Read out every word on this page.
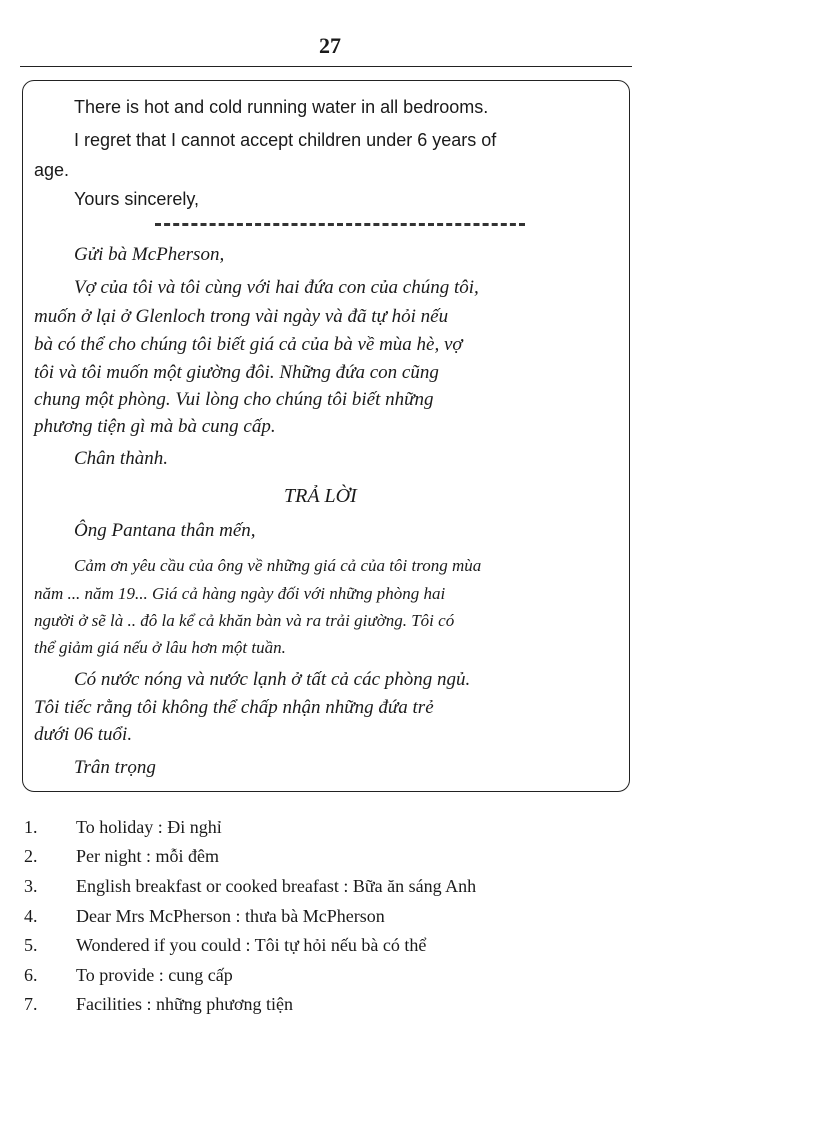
27

There is hot and cold running water in all bedrooms.

I regret that I cannot accept children under 6 years of

age.

Yours sincerely,

Gửi bà McPherson,

Vợ của tôi và tôi cùng với hai đứa con của chúng tôi,

muốn ở lại ở Glenloch trong vài ngày và đã tự hỏi nếu

bà có thể cho chúng tôi biết giá cả của bà về mùa hè, vợ

tôi và tôi muốn một giường đôi. Những đứa con cũng

chung một phòng. Vui lòng cho chúng tôi biết những

phương tiện gì mà bà cung cấp.

Chân thành.

TRẢ LỜI

Ông Pantana thân mến,

Cảm ơn yêu cầu của ông về những giá cả của tôi trong mùa

năm ... năm 19... Giá cả hàng ngày đối với những phòng hai

người ở sẽ là .. đô la kể cả khăn bàn và ra trải giường. Tôi có

thể giảm giá nếu ở lâu hơn một tuần.

Có nước nóng và nước lạnh ở tất cả các phòng ngủ.

Tôi tiếc rằng tôi không thể chấp nhận những đứa trẻ

dưới 06 tuổi.

Trân trọng

1.	To holiday : Đi nghỉ
2.	Per night : mỗi đêm
3.	English breakfast or cooked breafast : Bữa ăn sáng Anh
4.	Dear Mrs McPherson : thưa bà McPherson
5.	Wondered if you could : Tôi tự hỏi nếu bà có thể
6.	To provide : cung cấp
7.	Facilities : những phương tiện
